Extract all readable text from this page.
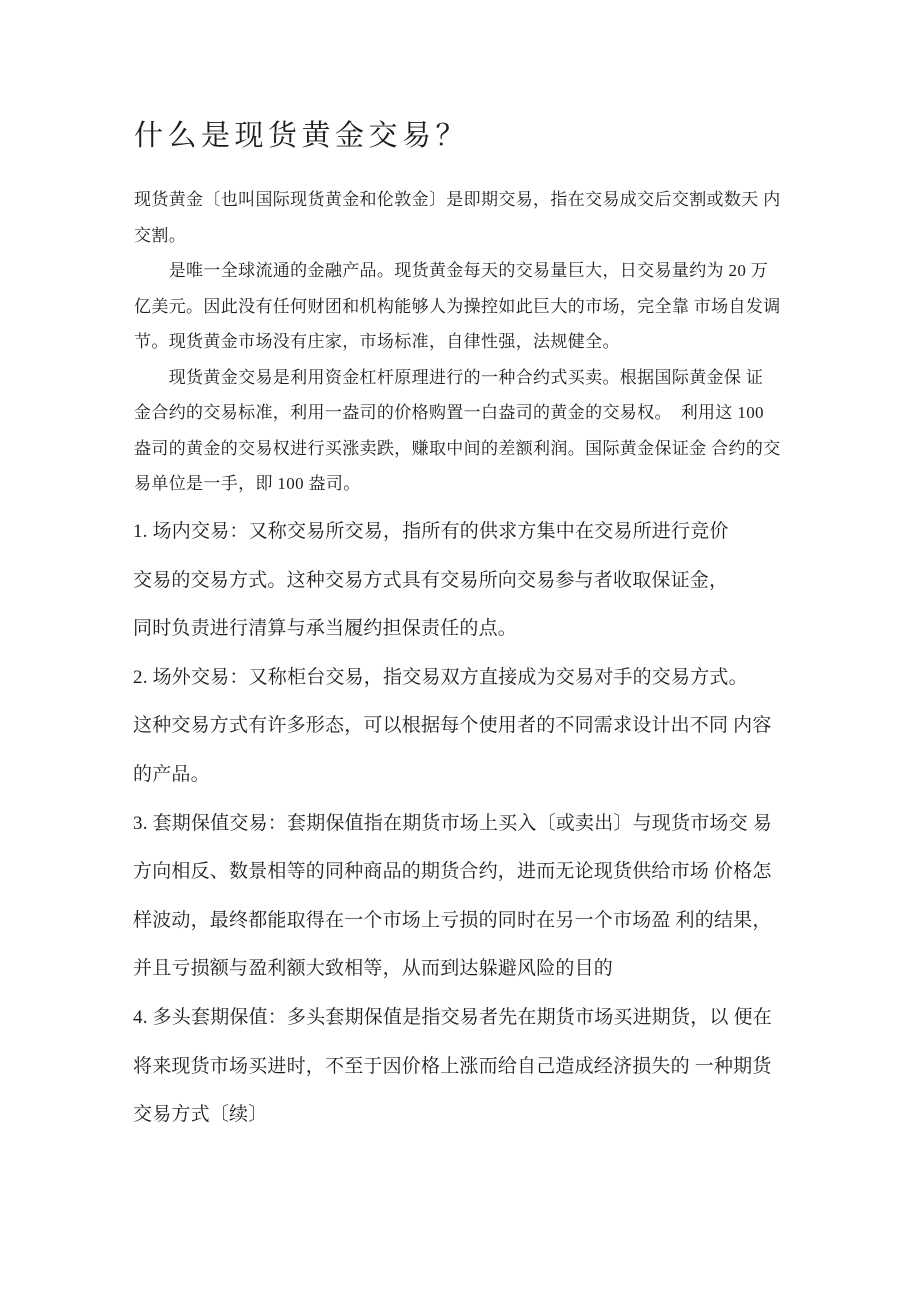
什么是现货黄金交易？
现货黄金〔也叫国际现货黄金和伦敦金〕是即期交易，指在交易成交后交割或数天 内
交割。
　　是唯一全球流通的金融产品。现货黄金每天的交易量巨大，日交易量约为 20 万
亿美元。因此没有任何财团和机构能够人为操控如此巨大的市场，完全靠 市场自发调
节。现货黄金市场没有庄家，市场标准，自律性强，法规健全。
　　现货黄金交易是利用资金杠杆原理进行的一种合约式买卖。根据国际黄金保 证
金合约的交易标准，利用一盎司的价格购置一白盎司的黄金的交易权。　利用这 100
盎司的黄金的交易权进行买涨卖跌，赚取中间的差额利润。国际黄金保证金 合约的交
易单位是一手，即 100 盎司。
1. 场内交易：又称交易所交易，指所有的供求方集中在交易所进行竞价
交易的交易方式。这种交易方式具有交易所向交易参与者收取保证金，
同时负责进行清算与承当履约担保责任的点。
2. 场外交易：又称柜台交易，指交易双方直接成为交易对手的交易方式。
这种交易方式有许多形态，可以根据每个使用者的不同需求设计出不同 内容
的产品。
3. 套期保值交易：套期保值指在期货市场上买入〔或卖出〕与现货市场交 易
方向相反、数景相等的同种商品的期货合约，进而无论现货供给市场 价格怎
样波动，最终都能取得在一个市场上亏损的同时在另一个市场盈 利的结果，
并且亏损额与盈利额大致相等，从而到达躲避风险的目的
4. 多头套期保值：多头套期保值是指交易者先在期货市场买进期货，以 便在
将来现货市场买进时，不至于因价格上涨而给自己造成经济损失的 一种期货
交易方式〔续〕
